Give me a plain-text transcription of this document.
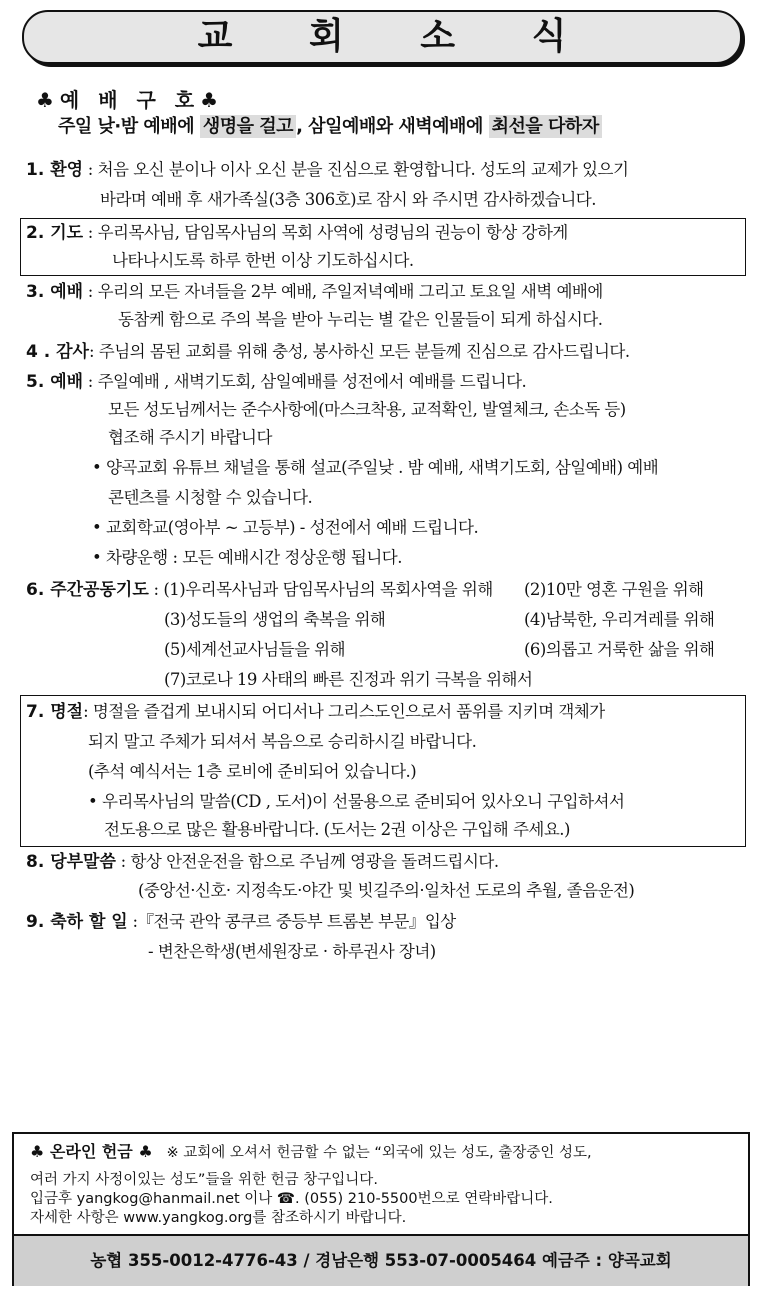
교 회 소 식
♣예 배 구 호♣
주일 낮·밤 예배에 생명을 걸고 , 삼일예배와 새벽예배에 최선을 다하자
1. 환영 : 처음 오신 분이나 이사 오신 분을 진심으로 환영합니다. 성도의 교제가 있으기
바라며 예배 후 새가족실(3층 306호)로 잠시 와 주시면 감사하겠습니다.
2. 기도 : 우리목사님, 담임목사님의 목회 사역에 성령님의 권능이 항상 강하게
나타나시도록 하루 한번 이상 기도하십시다.
3. 예배 : 우리의 모든 자녀들을 2부 예배, 주일저녁예배 그리고 토요일 새벽 예배에
동참케 함으로 주의 복을 받아 누리는 별 같은 인물들이 되게 하십시다.
4 . 감사: 주님의 몸된 교회를 위해 충성, 봉사하신 모든 분들께 진심으로 감사드립니다.
5. 예배 : 주일예배 , 새벽기도회, 삼일예배를 성전에서 예배를 드립니다.
모든 성도님께서는 준수사항에(마스크착용, 교적확인, 발열체크, 손소독 등)
협조해 주시기 바랍니다
• 양곡교회 유튜브 채널을 통해 설교(주일낮 . 밤 예배, 새벽기도회, 삼일예배) 예배
콘텐츠를 시청할 수 있습니다.
• 교회학교(영아부 ~ 고등부) - 성전에서 예배 드립니다.
• 차량운행 : 모든 예배시간 정상운행 됩니다.
6. 주간공동기도 : (1)우리목사님과 담임목사님의 목회사역을 위해 (2)10만 영혼 구원을 위해
(3)성도들의 생업의 축복을 위해	(4)남북한, 우리겨레를 위해
(5)세계선교사님들을 위해	(6)의롭고 거룩한 삶을 위해
(7)코로나 19 사태의 빠른 진정과 위기 극복을 위해서
7. 명절: 명절을 즐겁게 보내시되 어디서나 그리스도인으로서 품위를 지키며 객체가
되지 말고 주체가 되셔서 복음으로 승리하시길 바랍니다.
(추석 예식서는 1층 로비에 준비되어 있습니다.)
• 우리목사님의 말씀(CD , 도서)이 선물용으로 준비되어 있사오니 구입하셔서
전도용으로 많은 활용바랍니다. (도서는 2권 이상은 구입해 주세요.)
8. 당부말씀 : 항상 안전운전을 함으로 주님께 영광을 돌려드립시다.
(중앙선·신호· 지정속도·야간 및 빗길주의·일차선 도로의 추월, 졸음운전)
9. 축하 할 일 :『전국 관악 콩쿠르 중등부 트롬본 부문』입상
- 변찬은학생(변세원장로 · 하루권사 장녀)
♣ 온라인 헌금 ♣ ※ 교회에 오셔서 헌금할 수 없는 “외국에 있는 성도, 출장중인 성도,
여러 가지 사정이있는 성도”들을 위한 헌금 창구입니다.
입금후 yangkog@hanmail.net 이나 ☎. (055) 210-5500번으로 연락바랍니다.
자세한 사항은 www.yangkog.org를 참조하시기 바랍니다.
농협 355-0012-4776-43 / 경남은행 553-07-0005464 예금주 : 양곡교회
